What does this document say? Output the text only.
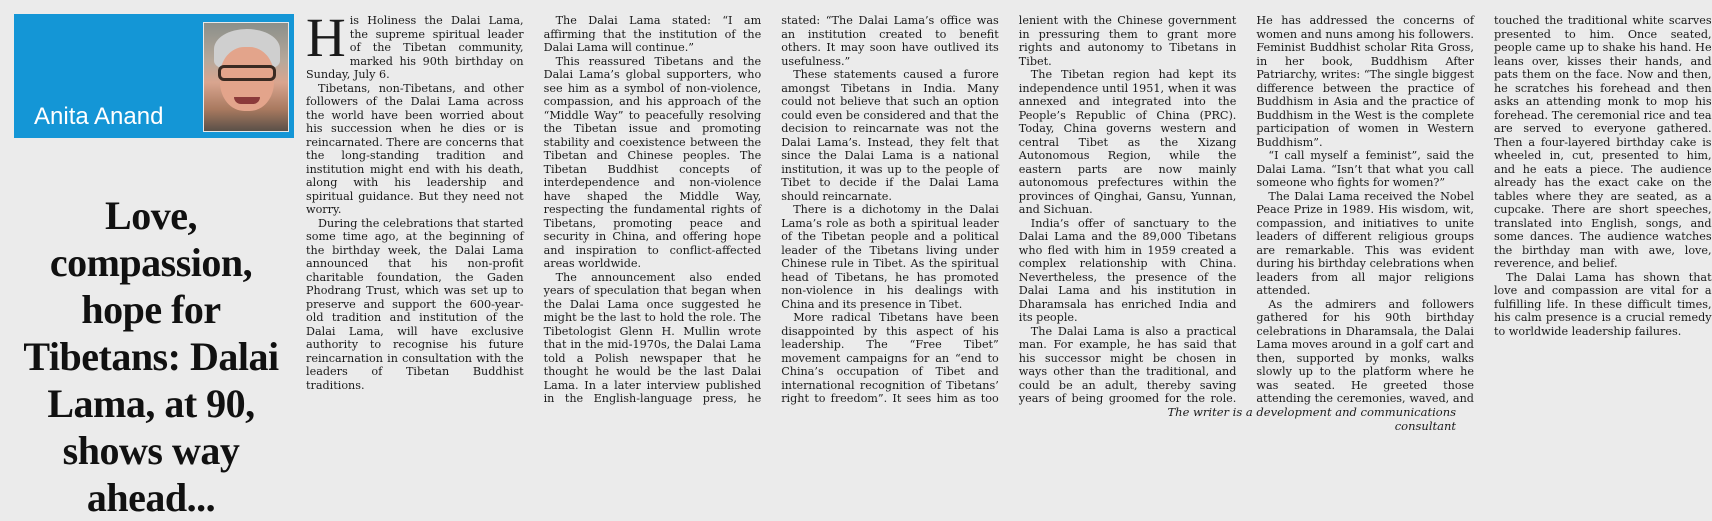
Anita Anand
Love, compassion, hope for Tibetans: Dalai Lama, at 90, shows way ahead...

His Holiness the Dalai Lama, the supreme spiritual leader of the Tibetan community, marked his 90th birthday on Sunday, July 6.

Tibetans, non-Tibetans, and other followers of the Dalai Lama across the world have been worried about his succession when he dies or is reincarnated. There are concerns that the long-standing tradition and institution might end with his death, along with his leadership and spiritual guidance. But they need not worry.

During the celebrations that started some time ago, at the beginning of the birthday week, the Dalai Lama announced that his non-profit charitable foundation, the Gaden Phodrang Trust, which was set up to preserve and support the 600-year-old tradition and institution of the Dalai Lama, will have exclusive authority to recognise his future reincarnation in consultation with the leaders of Tibetan Buddhist traditions.

The Dalai Lama stated: “I am affirming that the institution of the Dalai Lama will continue.”

This reassured Tibetans and the Dalai Lama’s global supporters, who see him as a symbol of non-violence, compassion, and his approach of the “Middle Way” to peacefully resolving the Tibetan issue and promoting stability and coexistence between the Tibetan and Chinese peoples. The Tibetan Buddhist concepts of interdependence and non-violence have shaped the Middle Way, respecting the fundamental rights of Tibetans, promoting peace and security in China, and offering hope and inspiration to conflict-affected areas worldwide.

The announcement also ended years of speculation that began when the Dalai Lama once suggested he might be the last to hold the role. The Tibetologist Glenn H. Mullin wrote that in the mid-1970s, the Dalai Lama told a Polish newspaper that he thought he would be the last Dalai Lama. In a later interview published in the English-language press, he stated: “The Dalai Lama’s office was an institution created to benefit others. It may soon have outlived its usefulness.”

These statements caused a furore amongst Tibetans in India. Many could not believe that such an option could even be considered and that the decision to reincarnate was not the Dalai Lama’s. Instead, they felt that since the Dalai Lama is a national institution, it was up to the people of Tibet to decide if the Dalai Lama should reincarnate.

There is a dichotomy in the Dalai Lama’s role as both a spiritual leader of the Tibetan people and a political leader of the Tibetans living under Chinese rule in Tibet. As the spiritual head of Tibetans, he has promoted non-violence in his dealings with China and its presence in Tibet.

More radical Tibetans have been disappointed by this aspect of his leadership. The “Free Tibet” movement campaigns for an “end to China’s occupation of Tibet and international recognition of Tibetans’ right to freedom”. It sees him as too lenient with the Chinese government in pressuring them to grant more rights and autonomy to Tibetans in Tibet.

The Tibetan region had kept its independence until 1951, when it was annexed and integrated into the People’s Republic of China (PRC). Today, China governs western and central Tibet as the Xizang Autonomous Region, while the eastern parts are now mainly autonomous prefectures within the provinces of Qinghai, Gansu, Yunnan, and Sichuan.

India’s offer of sanctuary to the Dalai Lama and the 89,000 Tibetans who fled with him in 1959 created a complex relationship with China. Nevertheless, the presence of the Dalai Lama and his institution in Dharamsala has enriched India and its people.

The Dalai Lama is also a practical man. For example, he has said that his successor might be chosen in ways other than the traditional, and could be an adult, thereby saving years of being groomed for the role. He has addressed the concerns of women and nuns among his followers. Feminist Buddhist scholar Rita Gross, in her book, Buddhism After Patriarchy, writes: “The single biggest difference between the practice of Buddhism in Asia and the practice of Buddhism in the West is the complete participation of women in Western Buddhism”.

“I call myself a feminist”, said the Dalai Lama. “Isn’t that what you call someone who fights for women?”

The Dalai Lama received the Nobel Peace Prize in 1989. His wisdom, wit, compassion, and initiatives to unite leaders of different religious groups are remarkable. This was evident during his birthday celebrations when leaders from all major religions attended.

As the admirers and followers gathered for his 90th birthday celebrations in Dharamsala, the Dalai Lama moves around in a golf cart and then, supported by monks, walks slowly up to the platform where he was seated. He greeted those attending the ceremonies, waved, and touched the traditional white scarves presented to him. Once seated, people came up to shake his hand. He leans over, kisses their hands, and pats them on the face. Now and then, he scratches his forehead and then asks an attending monk to mop his forehead. The ceremonial rice and tea are served to everyone gathered. Then a four-layered birthday cake is wheeled in, cut, presented to him, and he eats a piece. The audience already has the exact cake on the tables where they are seated, as a cupcake. There are short speeches, translated into English, songs, and some dances. The audience watches the birthday man with awe, love, reverence, and belief.

The Dalai Lama has shown that love and compassion are vital for a fulfilling life. In these difficult times, his calm presence is a crucial remedy to worldwide leadership failures.

The writer is a development and communications consultant
